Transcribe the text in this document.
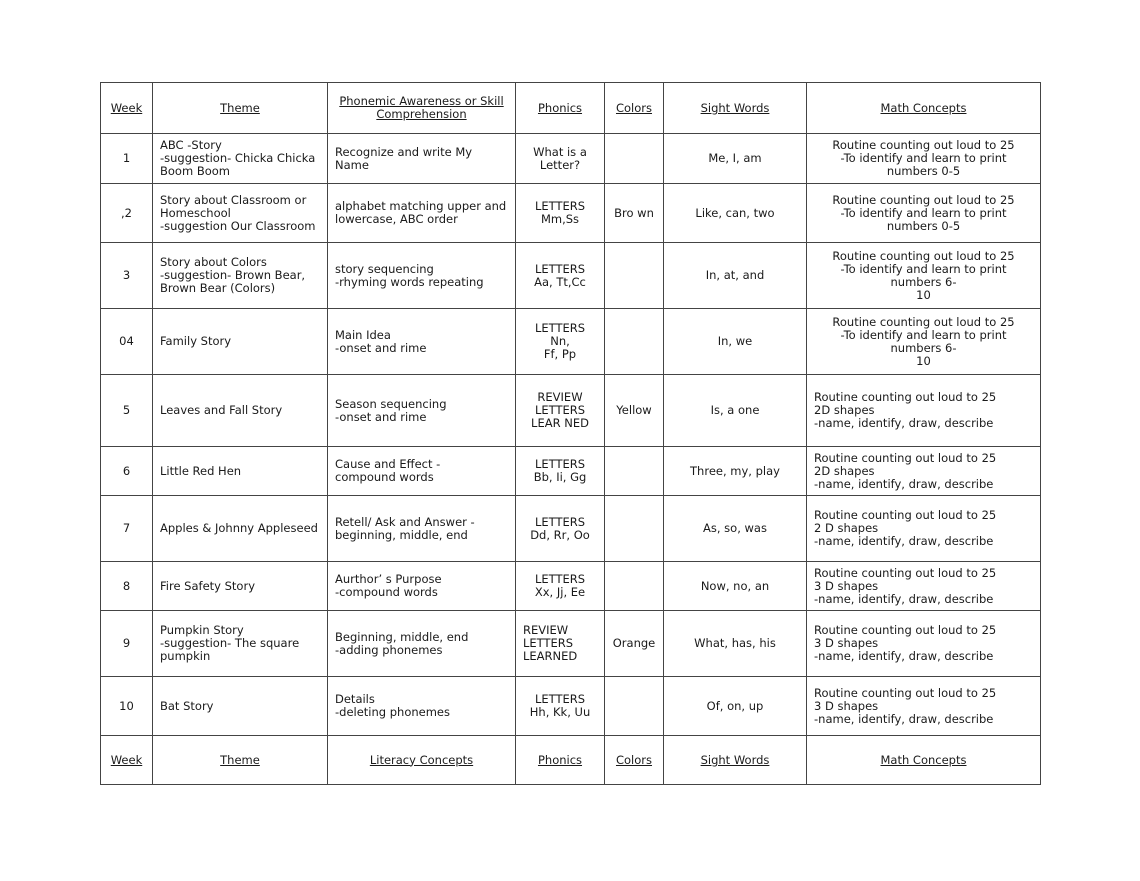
Week	Theme	Phonemic Awareness or Skill
Comprehension	Phonics	Colors	Sight Words	Math Concepts
1	ABC -Story
-suggestion- Chicka Chicka
Boom Boom	Recognize and write My Name	What is a
Letter?		Me, I, am	Routine counting out loud to 25
-To identify and learn to print numbers 0-5
,2	Story about Classroom or
Homeschool
-suggestion Our Classroom	alphabet matching upper and
lowercase, ABC order	LETTERS
Mm,Ss	Bro wn	Like, can, two	Routine counting out loud to 25
-To identify and learn to print numbers 0-5
3	Story about Colors
-suggestion- Brown Bear,
Brown Bear (Colors)	story sequencing
-rhyming words repeating	LETTERS
Aa, Tt,Cc		In, at, and	Routine counting out loud to 25
-To identify and learn to print numbers 6-
10
04	Family Story	Main Idea
-onset and rime	LETTERS
Nn,
Ff, Pp		In, we	Routine counting out loud to 25
-To identify and learn to print numbers 6-
10
5	Leaves and Fall Story	Season sequencing
-onset and rime	REVIEW
LETTERS
LEAR NED	Yellow	Is, a one	Routine counting out loud to 25
2D shapes
-name, identify, draw, describe
6	Little Red Hen	Cause and Effect -
compound words	LETTERS
Bb, Ii, Gg		Three, my, play	Routine counting out loud to 25
2D shapes
-name, identify, draw, describe
7	Apples & Johnny Appleseed	Retell/ Ask and Answer -
beginning, middle, end	LETTERS
Dd, Rr, Oo		As, so, was	Routine counting out loud to 25
2 D shapes
-name, identify, draw, describe
8	Fire Safety Story	Aurthor’ s Purpose
-compound words	LETTERS
Xx, Jj, Ee		Now, no, an	Routine counting out loud to 25
3 D shapes
-name, identify, draw, describe
9	Pumpkin Story
-suggestion- The square
pumpkin	Beginning, middle, end
-adding phonemes	REVIEW
LETTERS
LEARNED	Orange	What, has, his	Routine counting out loud to 25
3 D shapes
-name, identify, draw, describe
10	Bat Story	Details
-deleting phonemes	LETTERS
Hh, Kk, Uu		Of, on, up	Routine counting out loud to 25
3 D shapes
-name, identify, draw, describe
Week	Theme	Literacy Concepts	Phonics	Colors	Sight Words	Math Concepts
